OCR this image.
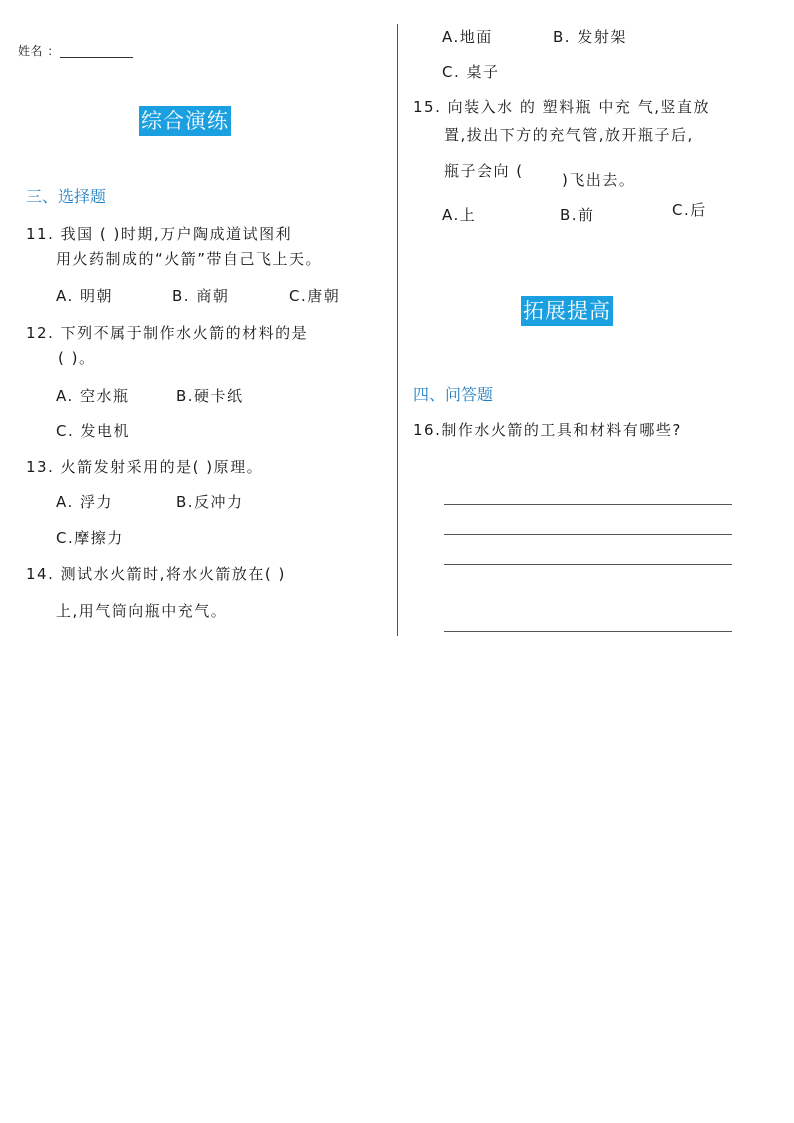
姓名 ：
综合演练
三、选择题
11. 我国 ( )时期,万户陶成道试图利
用火药制成的“火箭”带自己飞上天。
A. 明朝	B. 商朝	C.唐朝
12. 下列不属于制作水火箭的材料的是
( )。
A. 空水瓶	B.硬卡纸
C. 发电机
13. 火箭发射采用的是( )原理。
A. 浮力	B.反冲力
C.摩擦力
14. 测试水火箭时,将水火箭放在( )
上,用气筒向瓶中充气。
A.地面	B. 发射架
C. 桌子
15. 向装入水 的 塑料瓶 中充 气,竖直放
置,拔出下方的充气管,放开瓶子后,
瓶子会向 (	)飞出去。
A.上	B.前	C.后
拓展提高
四、问答题
16.制作水火箭的工具和材料有哪些?
